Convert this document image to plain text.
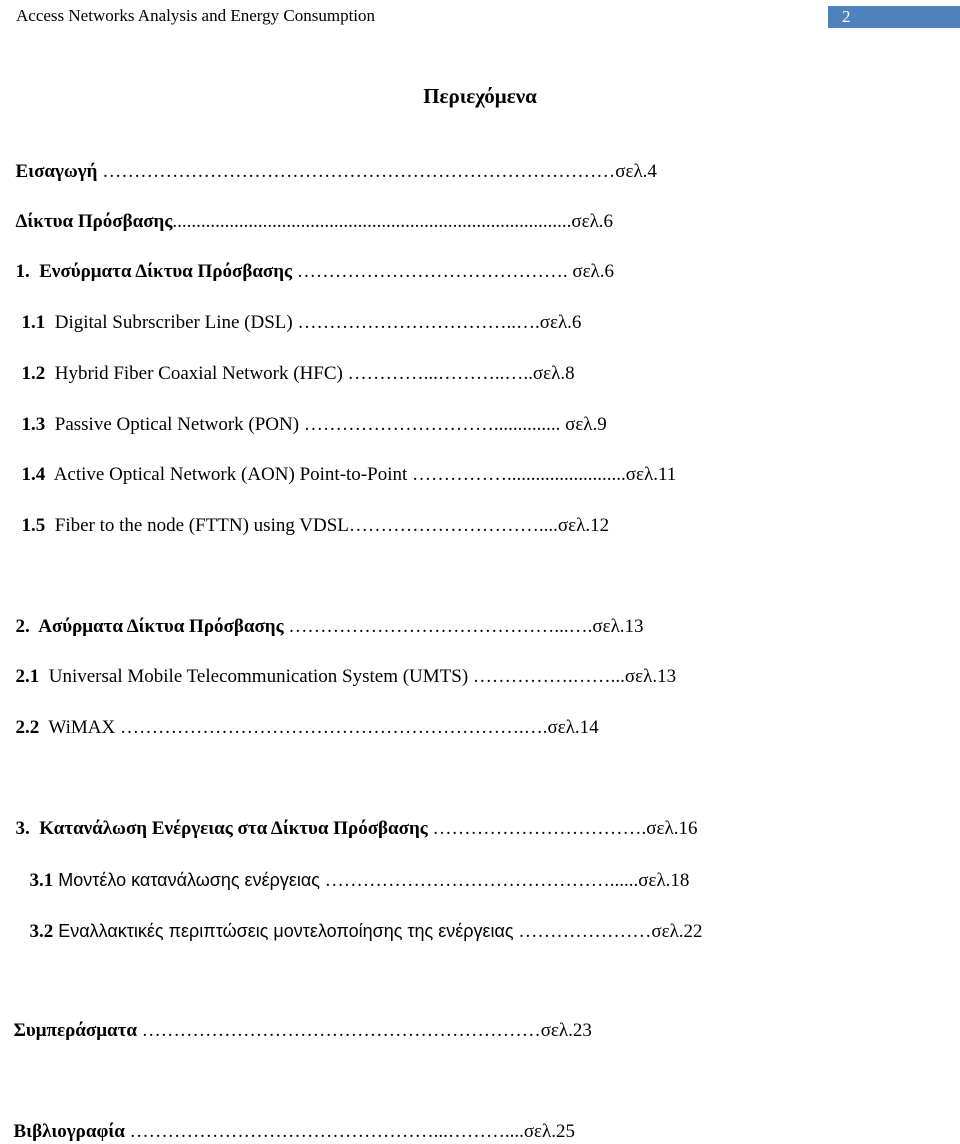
Access Networks Analysis and Energy Consumption	2
Περιεχόμενα

Εισαγωγή ………………………………………………………………………σελ.4

Δίκτυα Πρόσβασης....................................................................................σελ.6

1.  Ενσύρματα Δίκτυα Πρόσβασης ……………………………………. σελ.6

1.1  Digital Subrscriber Line (DSL) ……………………………..….σελ.6

1.2  Hybrid Fiber Coaxial Network (HFC) …………...………..…..σελ.8

1.3  Passive Optical Network (PON) ………………………….............. σελ.9

1.4  Active Optical Network (AON) Point-to-Point …………….........................σελ.11

1.5  Fiber to the node (FTTN) using VDSL…………………………....σελ.12

2.  Ασύρματα Δίκτυα Πρόσβασης ……………………………………...….σελ.13

2.1  Universal Mobile Telecommunication System (UMTS) …………….……...σελ.13

2.2  WiMAX ……………………………………………………….….σελ.14

3.  Κατανάλωση Ενέργειας στα Δίκτυα Πρόσβασης …………………………….σελ.16

3.1 Μοντέλο κατανάλωσης ενέργειας ………………………………………......σελ.18

3.2 Εναλλακτικές περιπτώσεις μοντελοποίησης της ενέργειας …………………σελ.22

Συμπεράσματα ………………………………………………………σελ.23

Βιβλιογραφία …………………………………………...………....σελ.25
